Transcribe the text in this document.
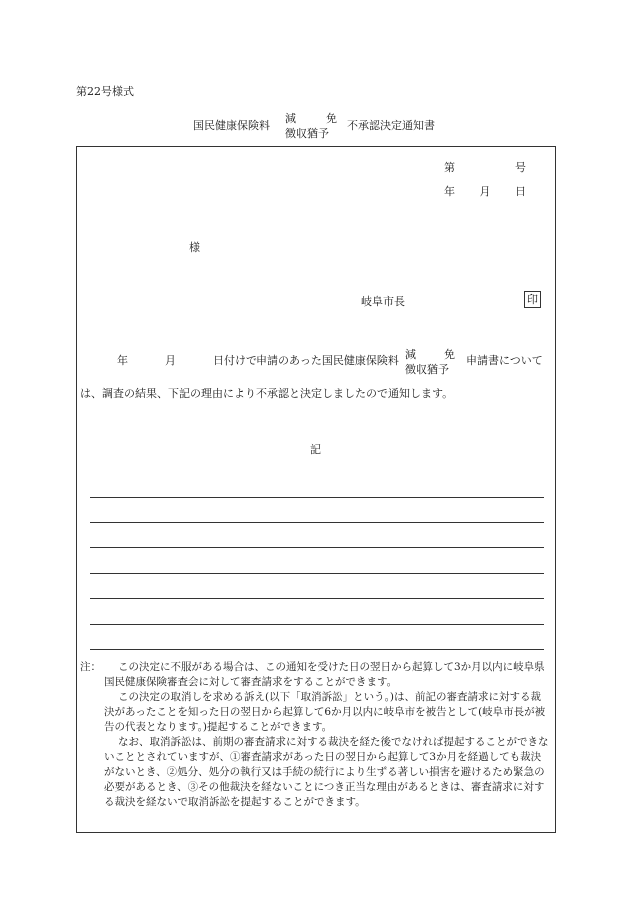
第22号様式
国民健康保険料
減	免
徴収猶予
不承認決定通知書
第	号
年 月 日
様
岐阜市長	印
年	月	日付けで 申請のあった国民健康保険料 減	免
徴収猶予
申請書について
は、調査の結果、下記の理由により不承認と決定しましたので通知します。
記
注：	この決定に不服がある場合は、この通知を受けた日の翌日から起算して3か月以内に岐阜県国民健康保険審査会に対して審査請求をすることができます。
この決定の取消しを求める訴え(以下「取消訴訟」という。)は、前記の審査請求に対する裁決があったことを知った日の翌日から起算して6か月以内に岐阜市を被告として(岐阜市長が被告の代表となります。)提起することができます。
なお、取消訴訟は、前期の審査請求に対する裁決を経た後でなければ提起することができないこととされていますが、①審査請求があった日の翌日から起算して3か月を経過しても裁決がないとき、②処分、処分の執行又は手続の続行により生ずる著しい損害を避けるため緊急の必要があるとき、③その他裁決を経ないことにつき正当な理由があるときは、審査請求に対する裁決を経ないで取消訴訟を提起することができます。
